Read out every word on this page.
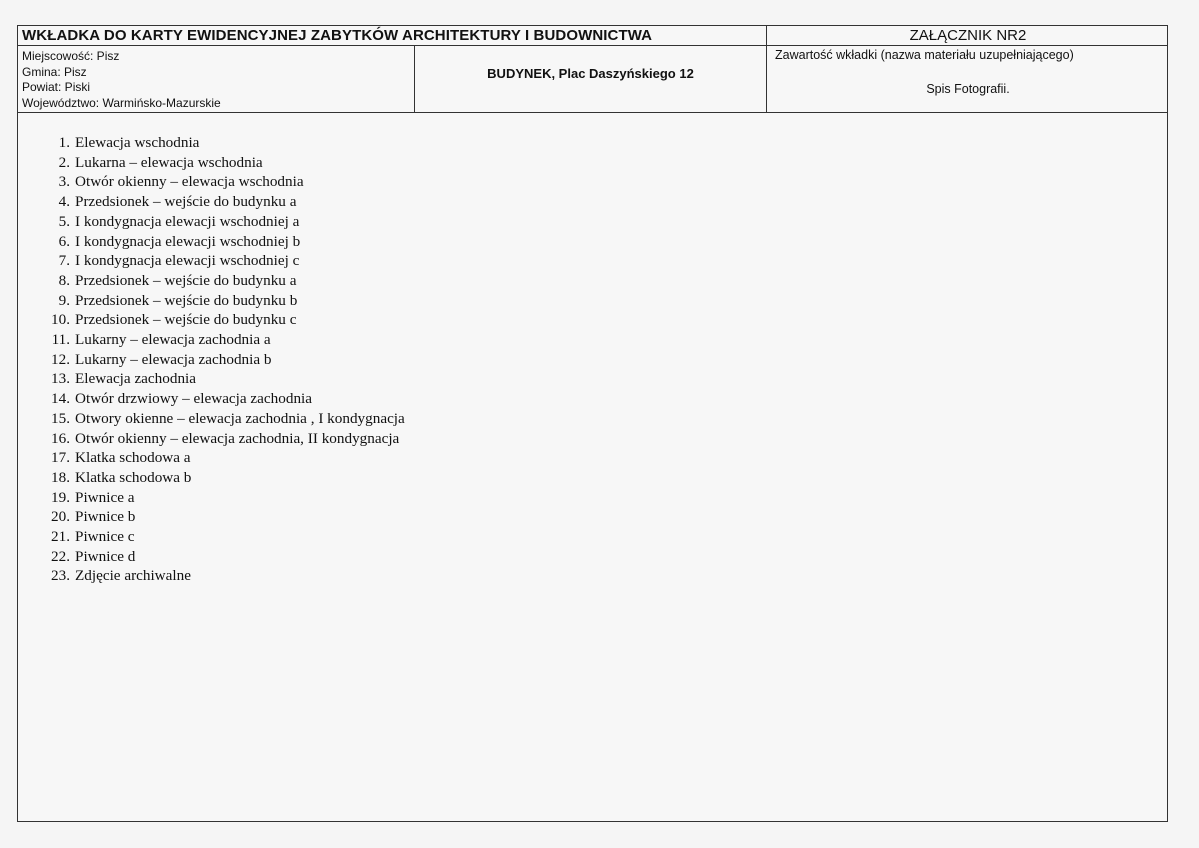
WKŁADKA DO KARTY EWIDENCYJNEJ ZABYTKÓW ARCHITEKTURY I BUDOWNICTWA	ZAŁĄCZNIK NR2
Miejscowość: Pisz
Gmina: Pisz
Powiat: Piski
Województwo: Warmińsko-Mazurskie
BUDYNEK, Plac Daszyńskiego 12
Zawartość wkładki (nazwa materiału uzupełniającego)
Spis Fotografii.
1. Elewacja wschodnia
2. Lukarna – elewacja wschodnia
3. Otwór okienny – elewacja wschodnia
4. Przedsionek – wejście do budynku a
5. I kondygnacja elewacji wschodniej a
6. I kondygnacja elewacji wschodniej b
7. I kondygnacja elewacji wschodniej c
8. Przedsionek – wejście do budynku a
9. Przedsionek – wejście do budynku b
10. Przedsionek – wejście do budynku c
11. Lukarny – elewacja zachodnia a
12. Lukarny – elewacja zachodnia b
13. Elewacja zachodnia
14. Otwór drzwiowy – elewacja zachodnia
15. Otwory okienne – elewacja zachodnia , I kondygnacja
16. Otwór okienny – elewacja zachodnia, II kondygnacja
17. Klatka schodowa a
18. Klatka schodowa b
19. Piwnice a
20. Piwnice b
21. Piwnice c
22. Piwnice d
23. Zdjęcie archiwalne
